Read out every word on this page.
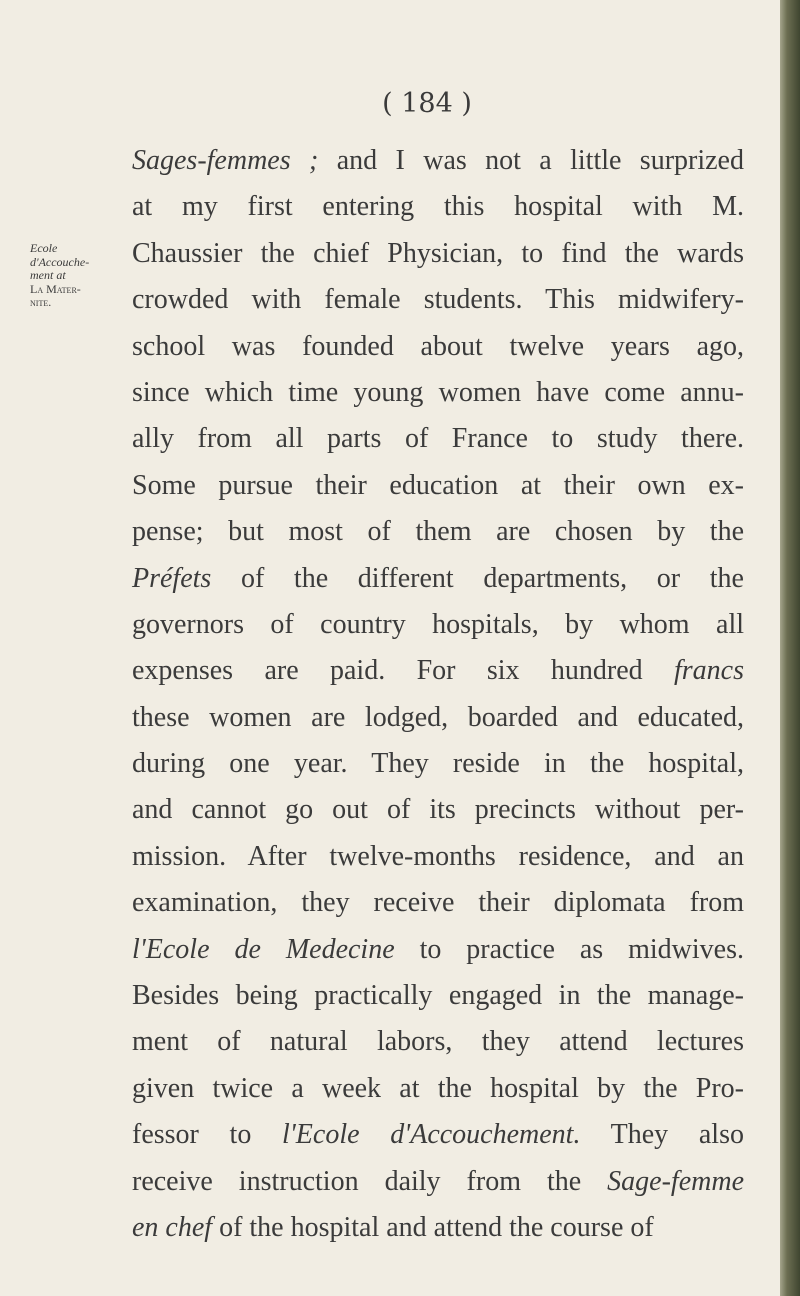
( 184 )

Ecole
d'Accouche-
ment at
La Mater-
nite.
Sages-femmes ; and I was not a little surprized
at my first entering this hospital with M.
Chaussier the chief Physician, to find the wards
crowded with female students. This midwifery-
school was founded about twelve years ago,
since which time young women have come annu-
ally from all parts of France to study there.
Some pursue their education at their own ex-
pense; but most of them are chosen by the
Préfets of the different departments, or the
governors of country hospitals, by whom all
expenses are paid. For six hundred francs
these women are lodged, boarded and educated,
during one year. They reside in the hospital,
and cannot go out of its precincts without per-
mission. After twelve-months residence, and an
examination, they receive their diplomata from
l'Ecole de Medecine to practice as midwives.
Besides being practically engaged in the manage-
ment of natural labors, they attend lectures
given twice a week at the hospital by the Pro-
fessor to l'Ecole d'Accouchement. They also
receive instruction daily from the Sage-femme
en chef of the hospital and attend the course of
